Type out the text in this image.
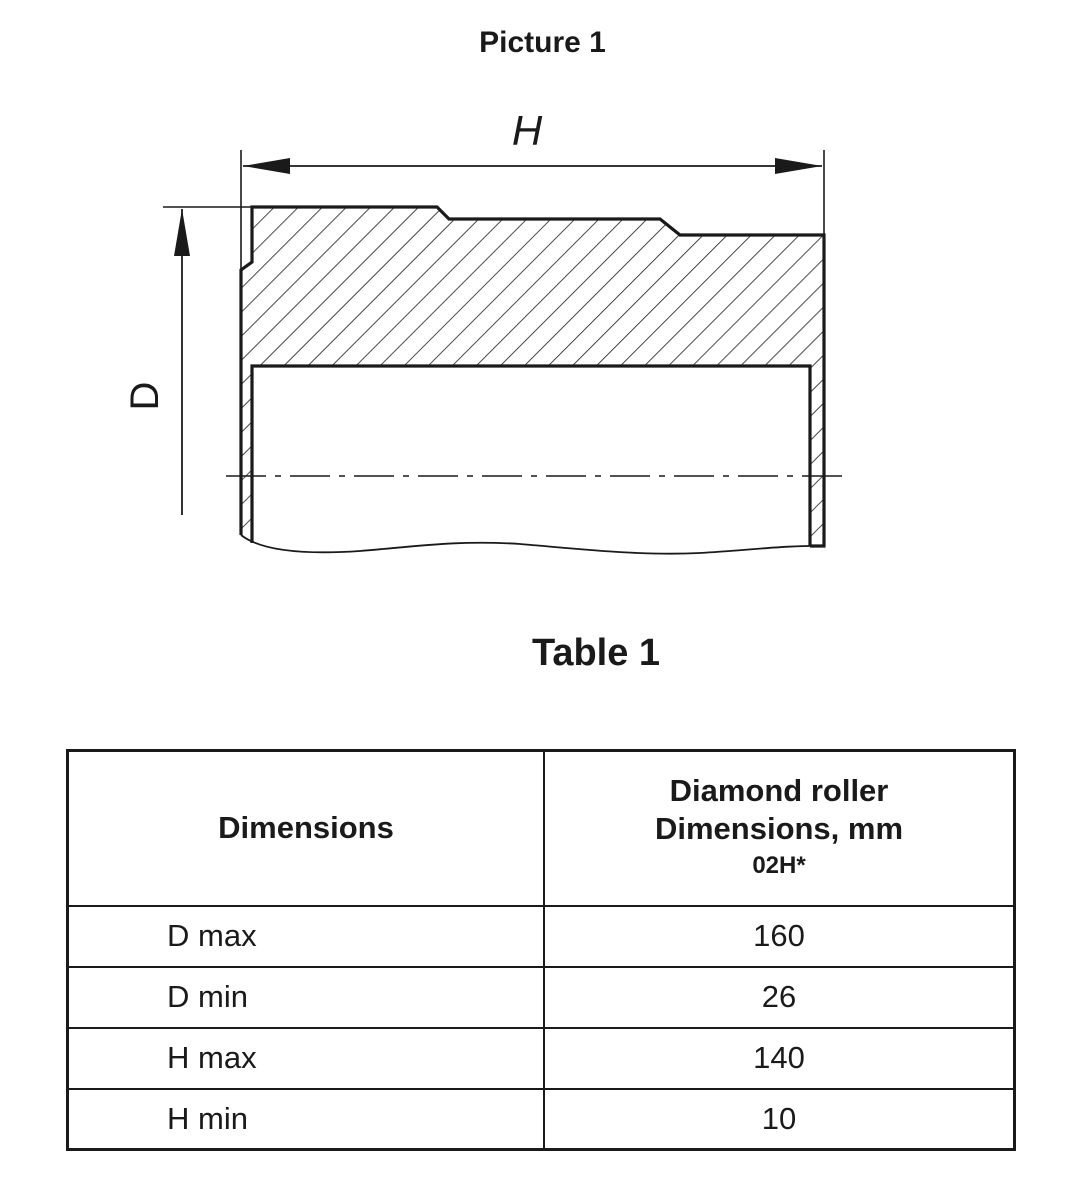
Picture 1
H
D
Table 1
Dimensions	Diamond roller
Dimensions, mm
02H*

D max	160
D min	26
H max	140
H min	10
